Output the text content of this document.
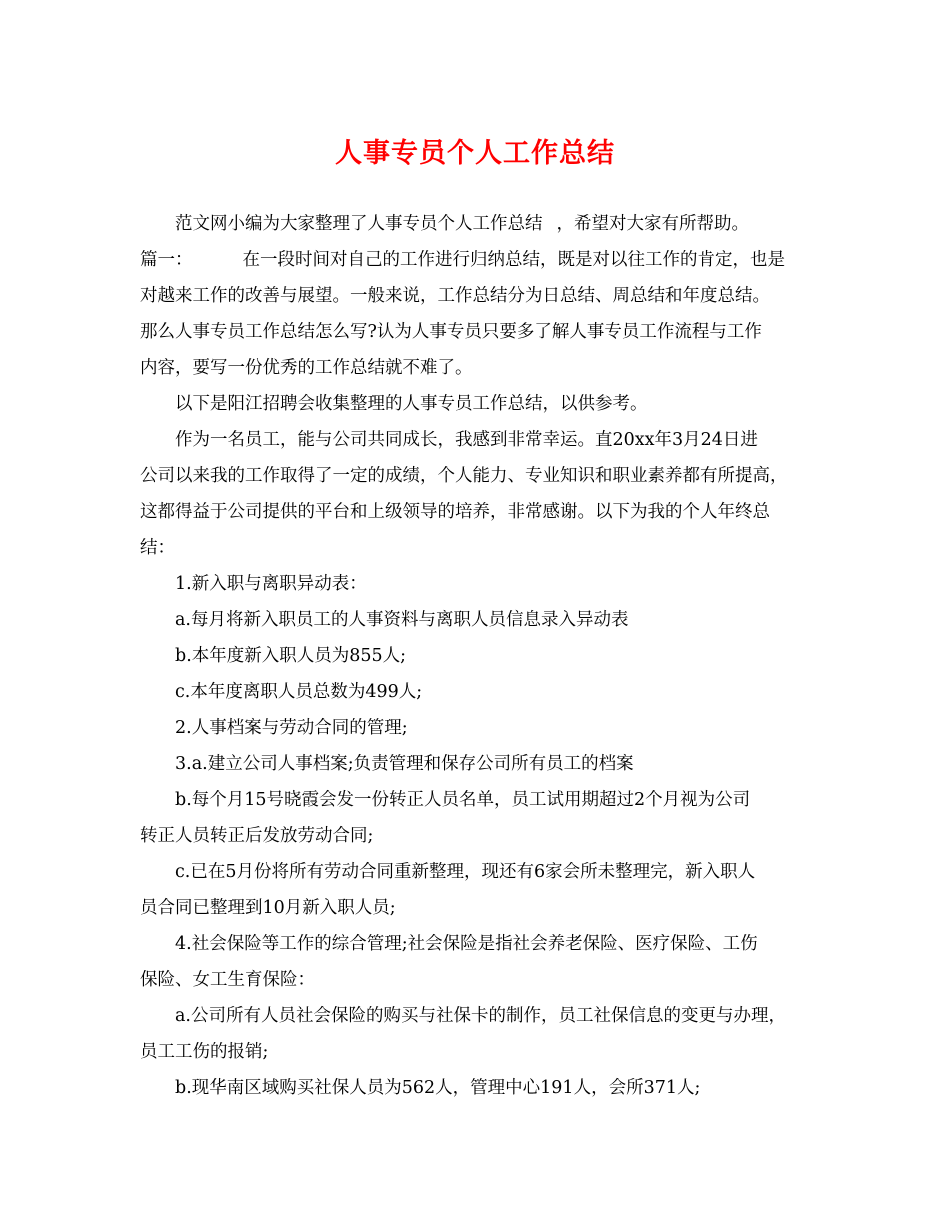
人事专员个人工作总结
范文网小编为大家整理了人事专员个人工作总结 ，希望对大家有所帮助。
篇一：	在一段时间对自己的工作进行归纳总结，既是对以往工作的肯定，也是
对越来工作的改善与展望。一般来说，工作总结分为日总结、周总结和年度总结。
那么人事专员工作总结怎么写?认为人事专员只要多了解人事专员工作流程与工作
内容，要写一份优秀的工作总结就不难了。
以下是阳江招聘会收集整理的人事专员工作总结，以供参考。
作为一名员工，能与公司共同成长，我感到非常幸运。直20xx年3月24日进
公司以来我的工作取得了一定的成绩，个人能力、专业知识和职业素养都有所提高，
这都得益于公司提供的平台和上级领导的培养，非常感谢。以下为我的个人年终总
结：
1.新入职与离职异动表：
a.每月将新入职员工的人事资料与离职人员信息录入异动表
b.本年度新入职人员为855人;
c.本年度离职人员总数为499人;
2.人事档案与劳动合同的管理;
3.a.建立公司人事档案;负责管理和保存公司所有员工的档案
b.每个月15号晓霞会发一份转正人员名单，员工试用期超过2个月视为公司
转正人员转正后发放劳动合同;
c.已在5月份将所有劳动合同重新整理，现还有6家会所未整理完，新入职人
员合同已整理到10月新入职人员;
4.社会保险等工作的综合管理;社会保险是指社会养老保险、医疗保险、工伤
保险、女工生育保险：
a.公司所有人员社会保险的购买与社保卡的制作，员工社保信息的变更与办理，
员工工伤的报销;
b.现华南区域购买社保人员为562人，管理中心191人，会所371人;
